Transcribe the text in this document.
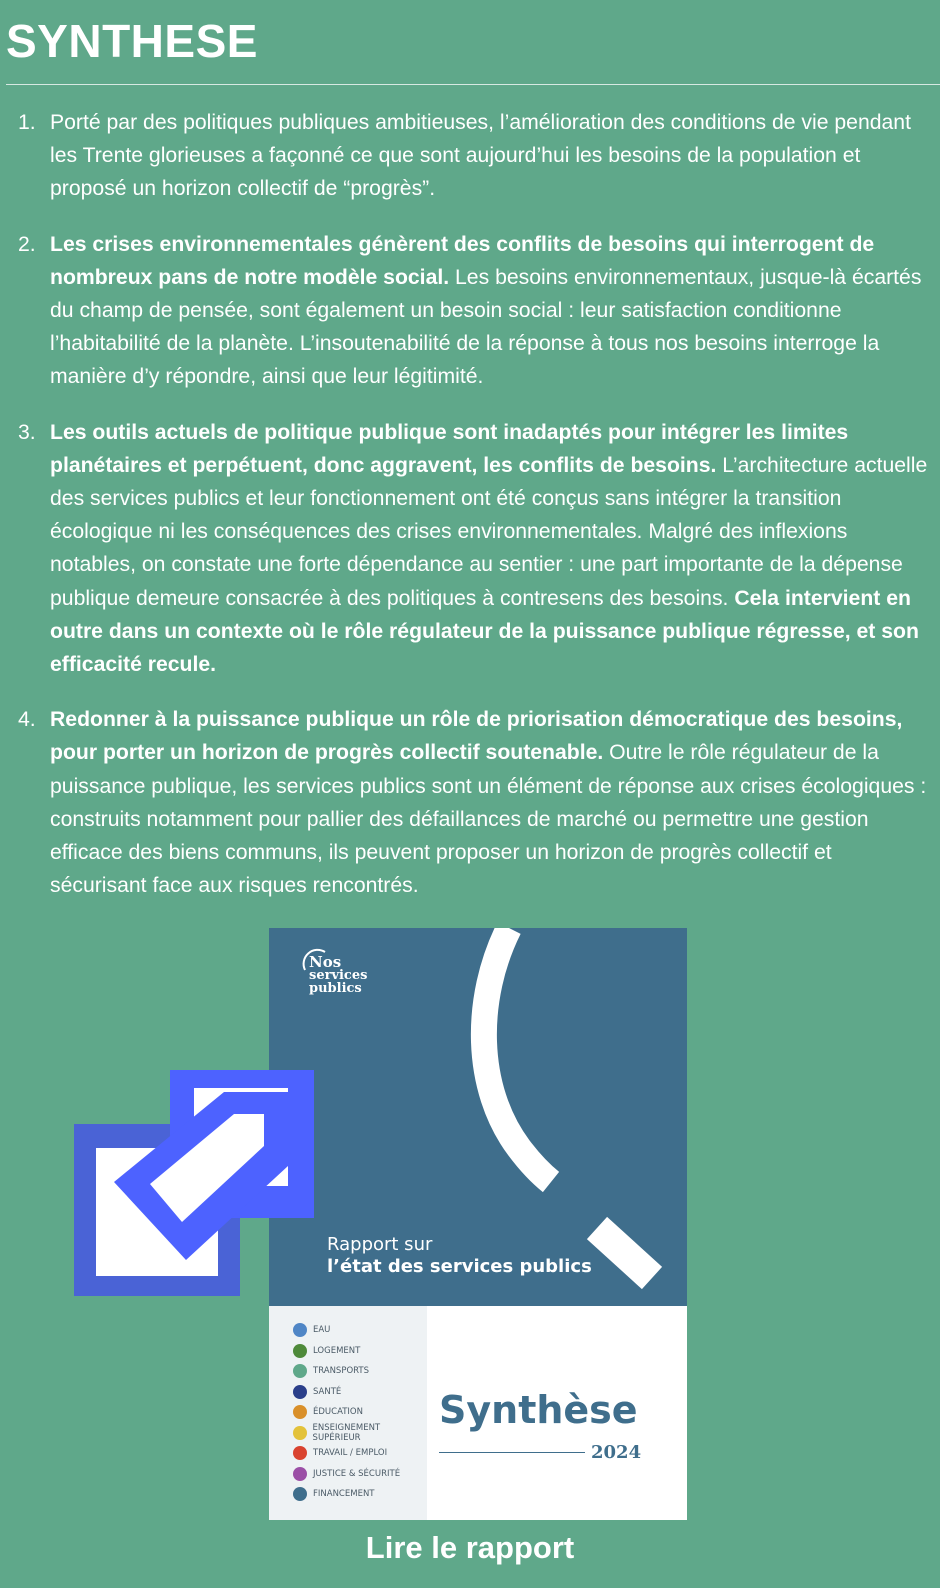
SYNTHESE
1. Porté par des politiques publiques ambitieuses, l’amélioration des conditions de vie pendant les Trente glorieuses a façonné ce que sont aujourd’hui les besoins de la population et proposé un horizon collectif de “progrès”.
2. Les crises environnementales génèrent des conflits de besoins qui interrogent de nombreux pans de notre modèle social. Les besoins environnementaux, jusque-là écartés du champ de pensée, sont également un besoin social : leur satisfaction conditionne l’habitabilité de la planète. L’insoutenabilité de la réponse à tous nos besoins interroge la manière d’y répondre, ainsi que leur légitimité.
3. Les outils actuels de politique publique sont inadaptés pour intégrer les limites planétaires et perpétuent, donc aggravent, les conflits de besoins. L’architecture actuelle des services publics et leur fonctionnement ont été conçus sans intégrer la transition écologique ni les conséquences des crises environnementales. Malgré des inflexions notables, on constate une forte dépendance au sentier : une part importante de la dépense publique demeure consacrée à des politiques à contresens des besoins. Cela intervient en outre dans un contexte où le rôle régulateur de la puissance publique régresse, et son efficacité recule.
4. Redonner à la puissance publique un rôle de priorisation démocratique des besoins, pour porter un horizon de progrès collectif soutenable. Outre le rôle régulateur de la puissance publique, les services publics sont un élément de réponse aux crises écologiques : construits notamment pour pallier des défaillances de marché ou permettre une gestion efficace des biens communs, ils peuvent proposer un horizon de progrès collectif et sécurisant face aux risques rencontrés.
Nos
services
publics
Rapport sur
l’état des services publics
EAU
LOGEMENT
TRANSPORTS
SANTÉ
ÉDUCATION
ENSEIGNEMENT SUPÉRIEUR
TRAVAIL / EMPLOI
JUSTICE & SÉCURITÉ
FINANCEMENT
Synthèse
2024
Lire le rapport
